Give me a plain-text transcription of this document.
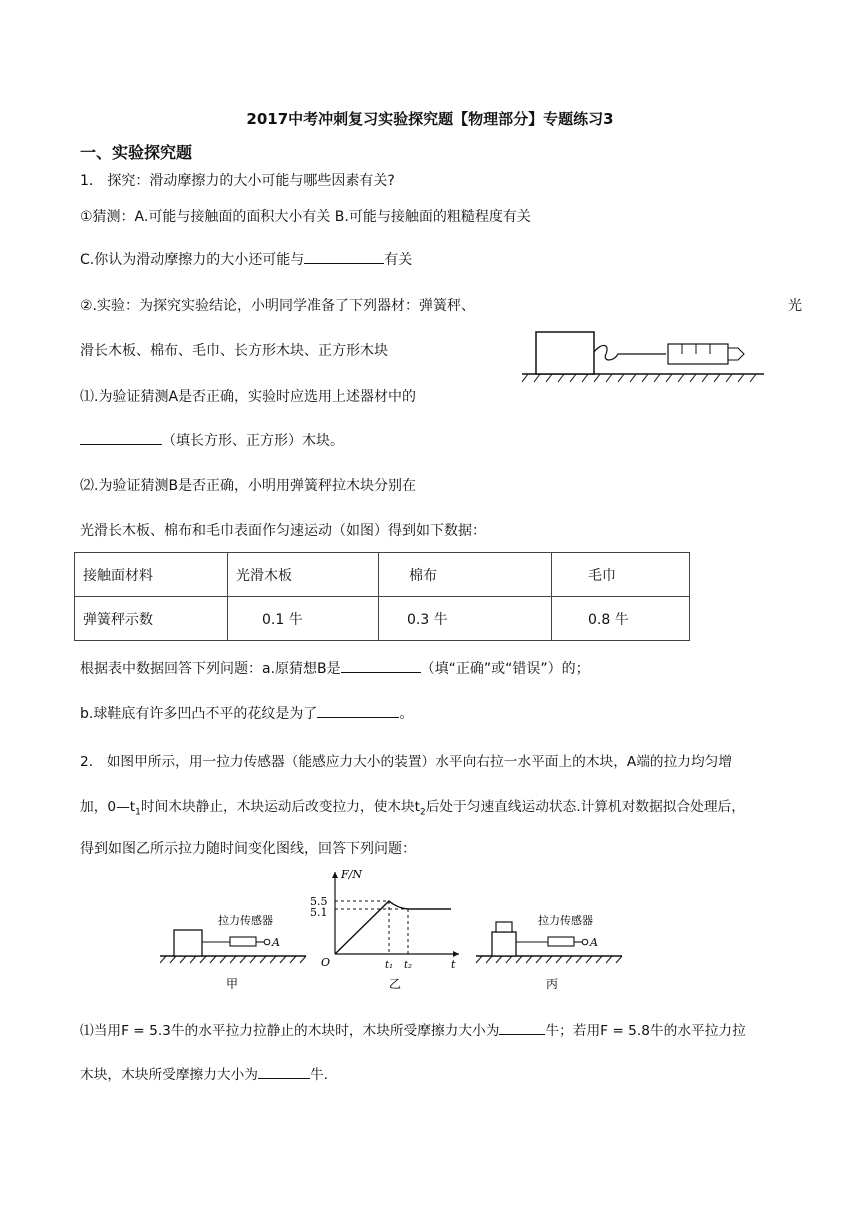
2017中考冲刺复习实验探究题【物理部分】专题练习3
一、实验探究题
1． 探究：滑动摩擦力的大小可能与哪些因素有关?
①猜测：A.可能与接触面的面积大小有关 B.可能与接触面的粗糙程度有关
C.你认为滑动摩擦力的大小还可能与	有关
②.实验：为探究实验结论，小明同学准备了下列器材：弹簧秤、	光
滑长木板、棉布、毛巾、长方形木块、正方形木块
⑴.为验证猜测A是否正确，实验时应选用上述器材中的
（填长方形、正方形）木块。
⑵.为验证猜测B是否正确，小明用弹簧秤拉木块分别在
光滑长木板、棉布和毛巾表面作匀速运动（如图）得到如下数据：
接触面材料	光滑木板	棉布	毛巾
弹簧秤示数	0.1 牛	0.3 牛	0.8 牛
根据表中数据回答下列问题：a.原猜想B是	（填“正确”或“错误”）的；
b.球鞋底有许多凹凸不平的花纹是为了	。
2． 如图甲所示，用一拉力传感器（能感应力大小的装置）水平向右拉一水平面上的木块，A端的拉力均匀增
加，$0—t_1$时间木块静止，木块运动后改变拉力，使木块$t_2$后处于匀速直线运动状态.计算机对数据拟合处理后，
得到如图乙所示拉力随时间变化图线，回答下列问题：
拉力传感器
A
甲
F/N
t
O
5.5
5.1
t₁ t₂
乙
拉力传感器
A
丙
⑴当用F = 5.3牛的水平拉力拉静止的木块时，木块所受摩擦力大小为	牛；若用F = 5.8牛的水平拉力拉
木块，木块所受摩擦力大小为	牛.
